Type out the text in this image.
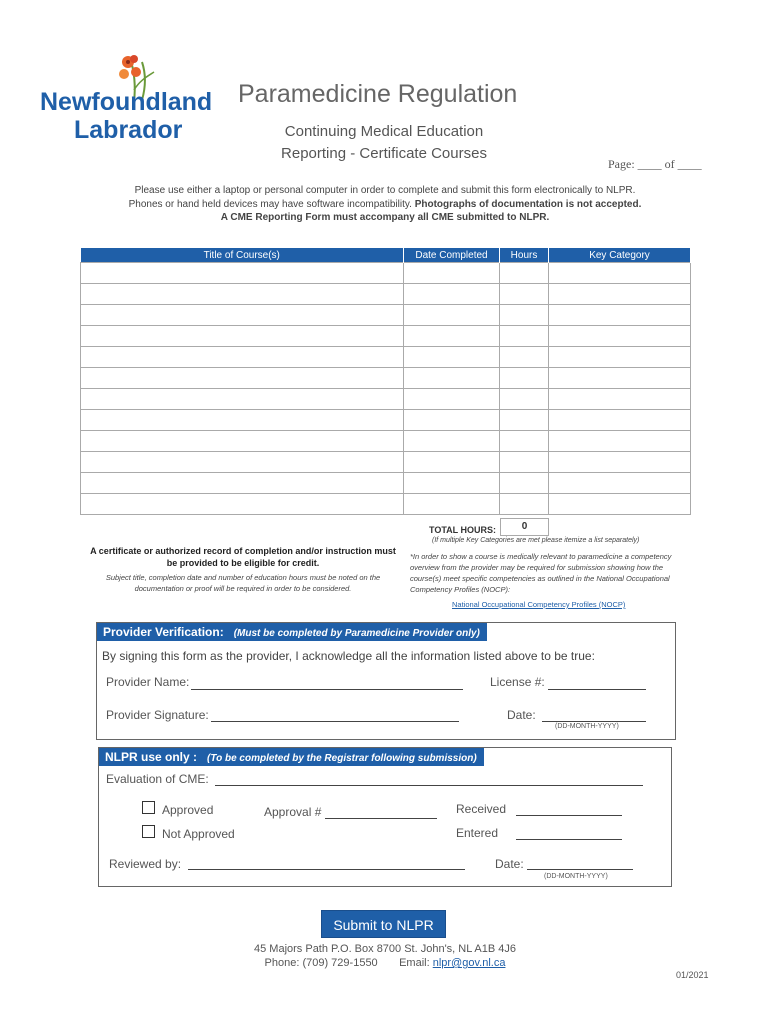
Newfoundland
Labrador
Paramedicine Regulation
Continuing Medical Education
Reporting - Certificate Courses
Page: ____ of ____
Please use either a laptop or personal computer in order to complete and submit this form electronically to NLPR.
Phones or hand held devices may have software incompatibility. Photographs of documentation is not accepted.
A CME Reporting Form must accompany all CME submitted to NLPR.
Title of Course(s)	Date Completed	Hours	Key Category

TOTAL HOURS:	0
(If multiple Key Categories are met please itemize a list separately)
A certificate or authorized record of completion and/or instruction must be provided to be eligible for credit.
Subject title, completion date and number of education hours must be noted on the documentation or proof will be required in order to be considered.
*In order to show a course is medically relevant to paramedicine a competency overview from the provider may be required for submission showing how the course(s) meet specific competencies as outlined in the National Occupational Competency Profiles (NOCP):
National Occupational Competency Profiles (NOCP)
Provider Verification: (Must be completed by Paramedicine Provider only)
By signing this form as the provider, I acknowledge all the information listed above to be true:
Provider Name:	License #:
Provider Signature:	Date:
(DD-MONTH-YYYY)
NLPR use only : (To be completed by the Registrar following submission)
Evaluation of CME:
Approved
Not Approved
Approval #	Received
Entered
Reviewed by:	Date:
(DD-MONTH-YYYY)
Submit to NLPR
45 Majors Path P.O. Box 8700 St. John's, NL A1B 4J6
Phone: (709) 729-1550 Email: nlpr@gov.nl.ca
01/2021
